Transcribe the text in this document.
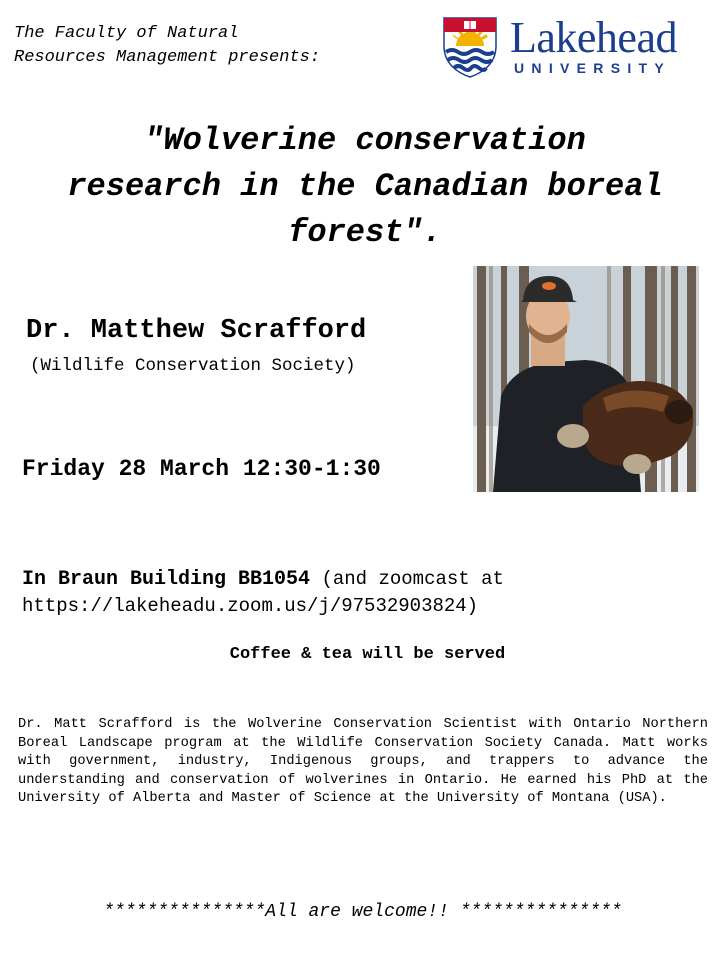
The Faculty of Natural
Resources Management presents:	Lakehead
UNIVERSITY
"Wolverine conservation
research in the Canadian boreal
forest".
Dr. Matthew Scrafford
(Wildlife Conservation Society)
Friday 28 March 12:30-1:30
In Braun Building BB1054 (and zoomcast at
https://lakeheadu.zoom.us/j/97532903824)
Coffee & tea will be served
Dr. Matt Scrafford is the Wolverine Conservation Scientist with Ontario Northern Boreal Landscape program at the Wildlife Conservation Society Canada. Matt works with government, industry, Indigenous groups, and trappers to advance the understanding and conservation of wolverines in Ontario. He earned his PhD at the University of Alberta and Master of Science at the University of Montana (USA).
***************All are welcome!! ***************
